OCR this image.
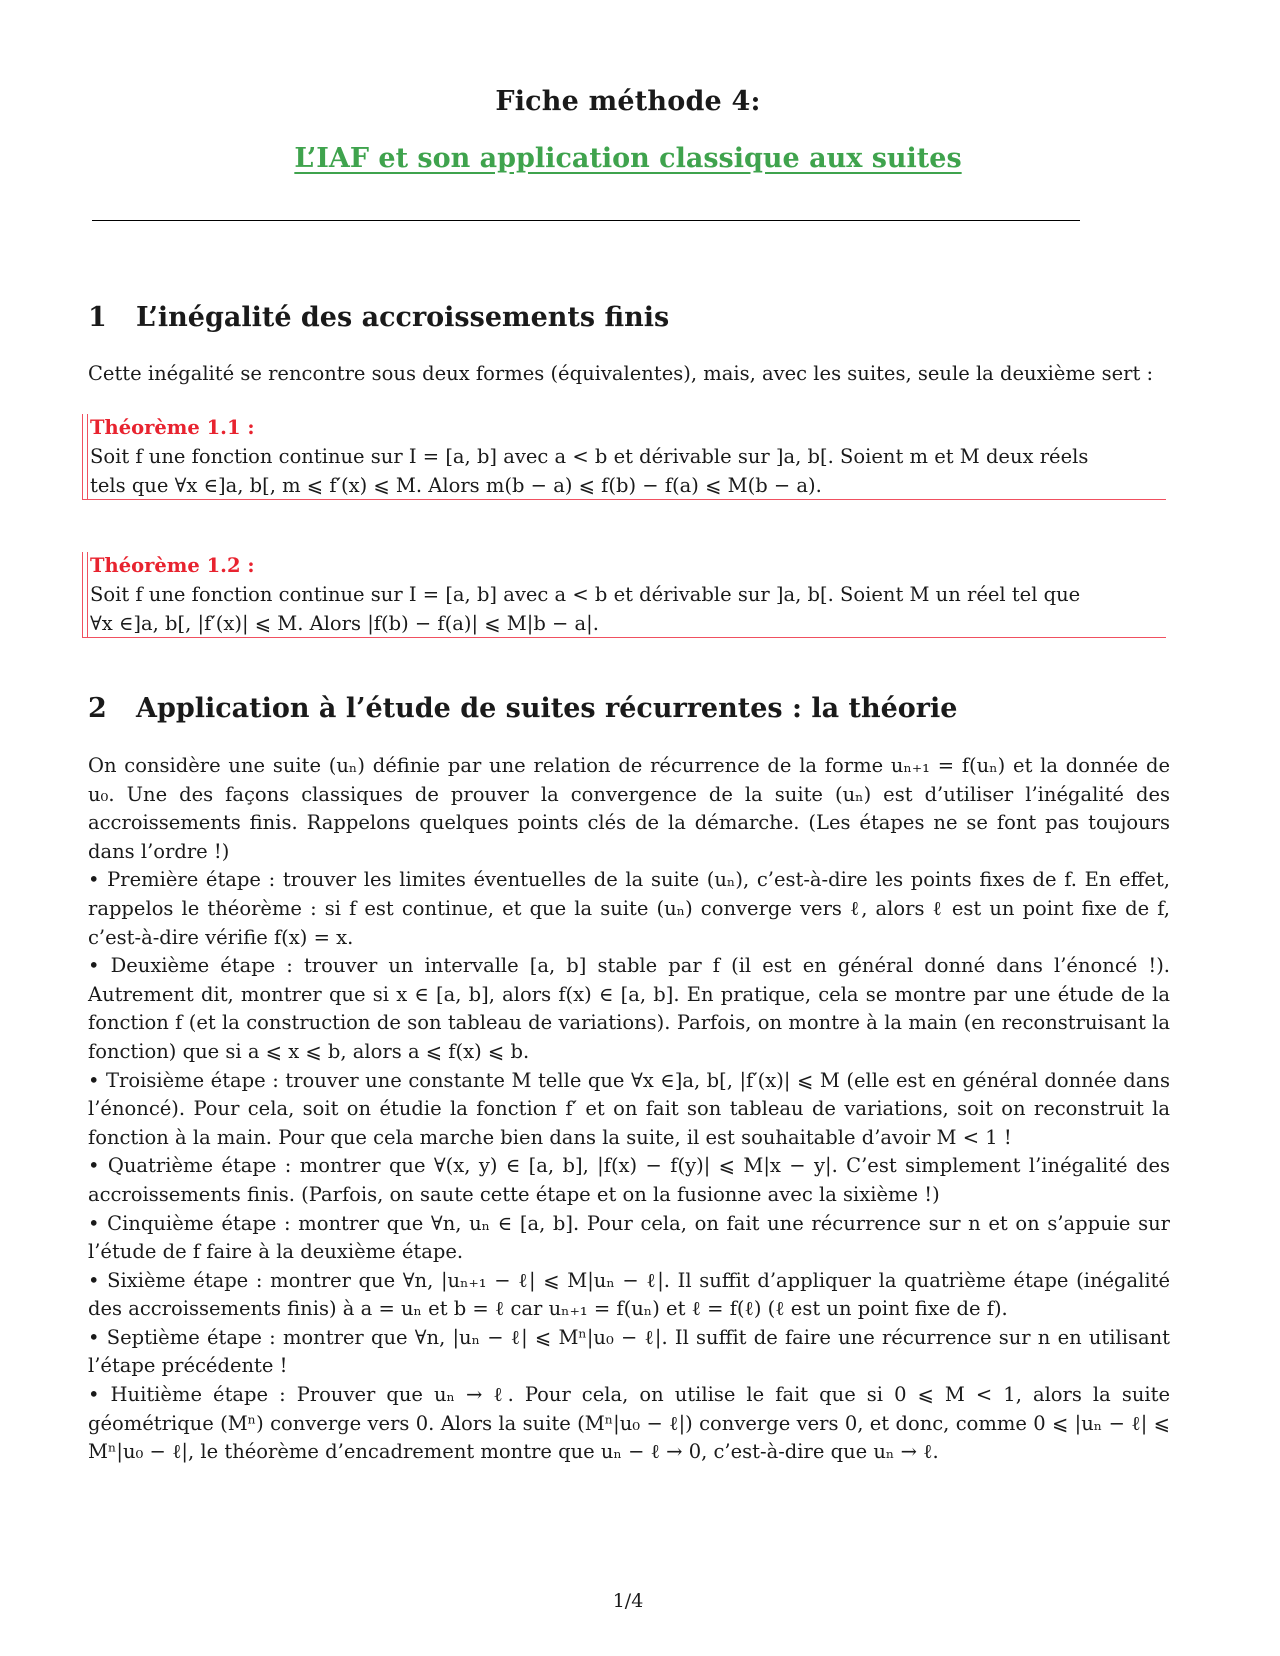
Fiche méthode 4:
L’IAF et son application classique aux suites
1 L’inégalité des accroissements finis
Cette inégalité se rencontre sous deux formes (équivalentes), mais, avec les suites, seule la deuxième sert :
Théorème 1.1 :
Soit f une fonction continue sur I = [a, b] avec a < b et dérivable sur ]a, b[. Soient m et M deux réels
tels que ∀x ∈]a, b[, m ⩽ f′(x) ⩽ M. Alors m(b − a) ⩽ f(b) − f(a) ⩽ M(b − a).
Théorème 1.2 :
Soit f une fonction continue sur I = [a, b] avec a < b et dérivable sur ]a, b[. Soient M un réel tel que
∀x ∈]a, b[, |f′(x)| ⩽ M. Alors |f(b) − f(a)| ⩽ M|b − a|.
2 Application à l’étude de suites récurrentes : la théorie

On considère une suite (uₙ) définie par une relation de récurrence de la forme uₙ₊₁ = f(uₙ) et la donnée de u₀. Une des façons classiques de prouver la convergence de la suite (uₙ) est d’utiliser l’inégalité des accroissements finis. Rappelons quelques points clés de la démarche. (Les étapes ne se font pas toujours dans l’ordre !)

• Première étape : trouver les limites éventuelles de la suite (uₙ), c’est-à-dire les points fixes de f. En effet, rappelos le théorème : si f est continue, et que la suite (uₙ) converge vers ℓ, alors ℓ est un point fixe de f, c’est-à-dire vérifie f(x) = x.

• Deuxième étape : trouver un intervalle [a, b] stable par f (il est en général donné dans l’énoncé !). Autrement dit, montrer que si x ∈ [a, b], alors f(x) ∈ [a, b]. En pratique, cela se montre par une étude de la fonction f (et la construction de son tableau de variations). Parfois, on montre à la main (en reconstruisant la fonction) que si a ⩽ x ⩽ b, alors a ⩽ f(x) ⩽ b.

• Troisième étape : trouver une constante M telle que ∀x ∈]a, b[, |f′(x)| ⩽ M (elle est en général donnée dans l’énoncé). Pour cela, soit on étudie la fonction f′ et on fait son tableau de variations, soit on reconstruit la fonction à la main. Pour que cela marche bien dans la suite, il est souhaitable d’avoir M < 1 !

• Quatrième étape : montrer que ∀(x, y) ∈ [a, b], |f(x) − f(y)| ⩽ M|x − y|. C’est simplement l’inégalité des accroissements finis. (Parfois, on saute cette étape et on la fusionne avec la sixième !)

• Cinquième étape : montrer que ∀n, uₙ ∈ [a, b]. Pour cela, on fait une récurrence sur n et on s’appuie sur l’étude de f faire à la deuxième étape.

• Sixième étape : montrer que ∀n, |uₙ₊₁ − ℓ| ⩽ M|uₙ − ℓ|. Il suffit d’appliquer la quatrième étape (inégalité des accroissements finis) à a = uₙ et b = ℓ car uₙ₊₁ = f(uₙ) et ℓ = f(ℓ) (ℓ est un point fixe de f).

• Septième étape : montrer que ∀n, |uₙ − ℓ| ⩽ Mⁿ|u₀ − ℓ|. Il suffit de faire une récurrence sur n en utilisant l’étape précédente !

• Huitième étape : Prouver que uₙ → ℓ. Pour cela, on utilise le fait que si 0 ⩽ M < 1, alors la suite géométrique (Mⁿ) converge vers 0. Alors la suite (Mⁿ|u₀ − ℓ|) converge vers 0, et donc, comme 0 ⩽ |uₙ − ℓ| ⩽ Mⁿ|u₀ − ℓ|, le théorème d’encadrement montre que uₙ − ℓ → 0, c’est-à-dire que uₙ → ℓ.

1/4
